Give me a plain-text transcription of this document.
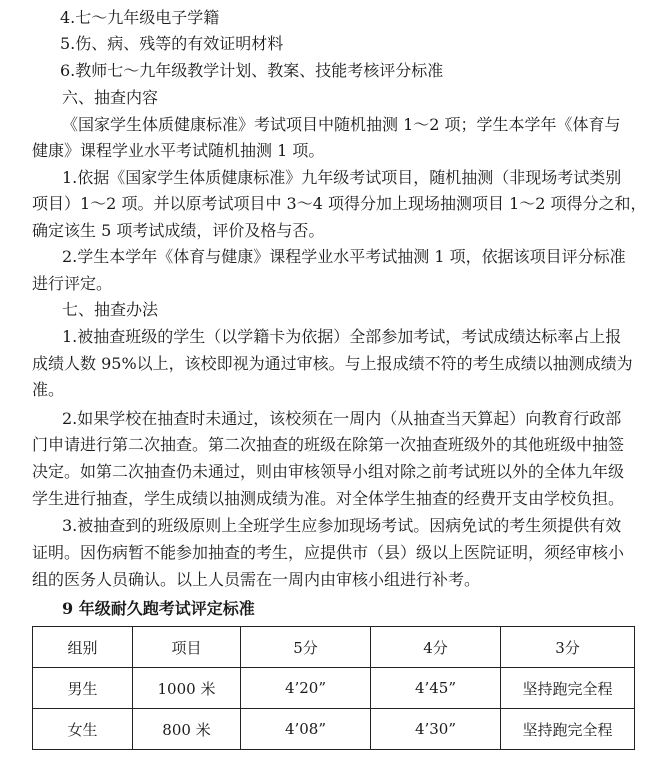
4.七～九年级电子学籍
5.伤、病、残等的有效证明材料
6.教师七～九年级教学计划、教案、技能考核评分标准
六、抽查内容
《国家学生体质健康标准》考试项目中随机抽测 1～2 项；学生本学年《体育与
健康》课程学业水平考试随机抽测 1 项。
1.依据《国家学生体质健康标准》九年级考试项目，随机抽测（非现场考试类别
项目）1～2 项。并以原考试项目中 3～4 项得分加上现场抽测项目 1～2 项得分之和，
确定该生 5 项考试成绩，评价及格与否。
2.学生本学年《体育与健康》课程学业水平考试抽测 1 项，依据该项目评分标准
进行评定。
七、抽查办法
1.被抽查班级的学生（以学籍卡为依据）全部参加考试，考试成绩达标率占上报
成绩人数 95%以上，该校即视为通过审核。与上报成绩不符的考生成绩以抽测成绩为
准。
2.如果学校在抽查时未通过，该校须在一周内（从抽查当天算起）向教育行政部
门申请进行第二次抽查。第二次抽查的班级在除第一次抽查班级外的其他班级中抽签
决定。如第二次抽查仍未通过，则由审核领导小组对除之前考试班以外的全体九年级
学生进行抽查，学生成绩以抽测成绩为准。对全体学生抽查的经费开支由学校负担。
3.被抽查到的班级原则上全班学生应参加现场考试。因病免试的考生须提供有效
证明。因伤病暂不能参加抽查的考生，应提供市（县）级以上医院证明，须经审核小
组的医务人员确认。以上人员需在一周内由审核小组进行补考。
9 年级耐久跑考试评定标准
组别	项目	5分	4分	3分
男生	1000 米	4’20”	4’45”	坚持跑完全程
女生	800 米	4’08”	4’30”	坚持跑完全程
